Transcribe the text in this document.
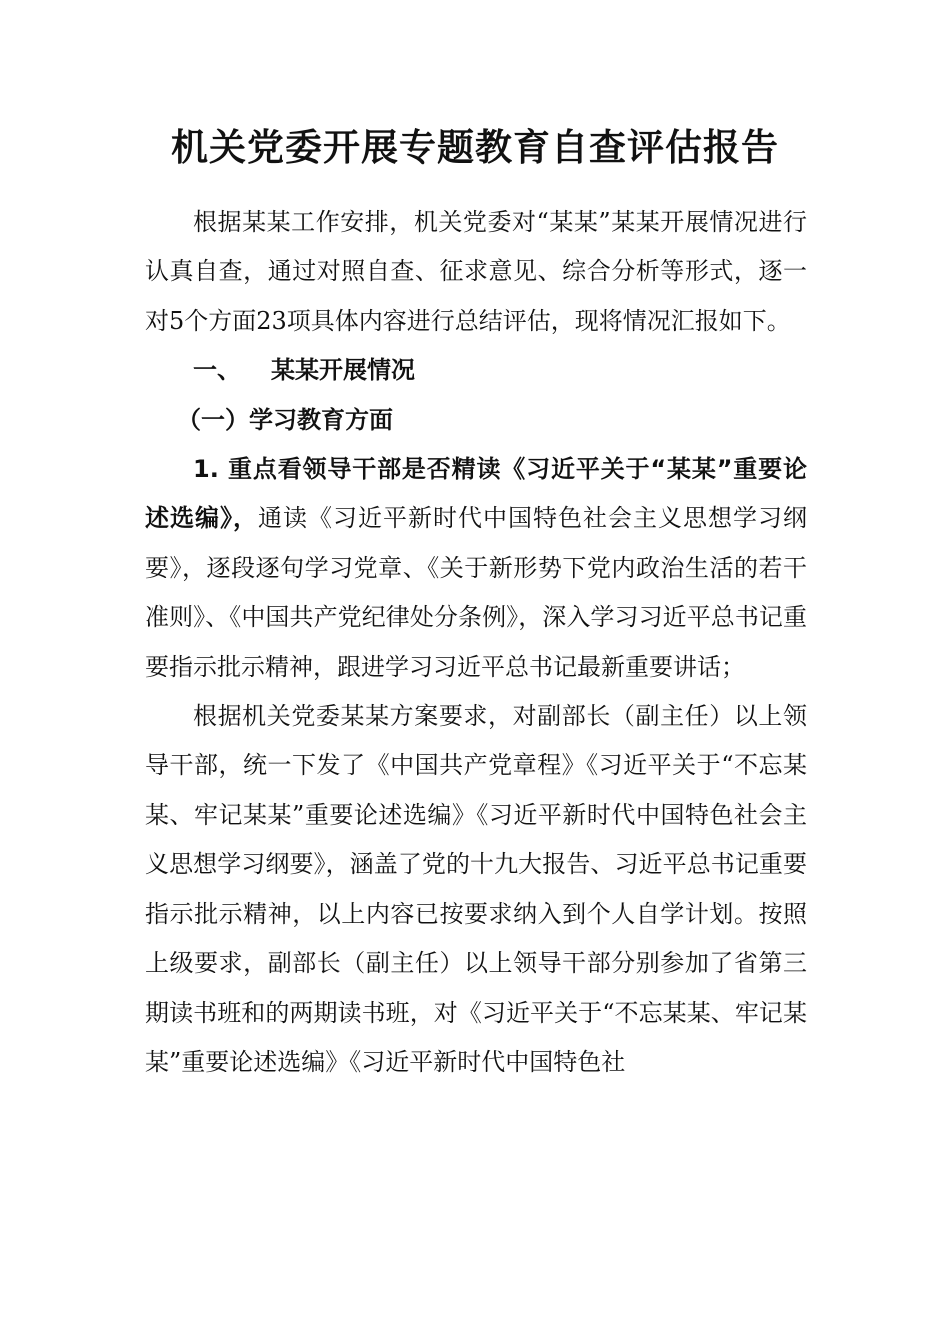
机关党委开展专题教育自查评估报告

根据某某工作安排，机关党委对“某某”某某开展情况进行认真自查，通过对照自查、征求意见、综合分析等形式，逐一对5个方面23项具体内容进行总结评估，现将情况汇报如下。

一、 某某开展情况

（一）学习教育方面

1. 重点看领导干部是否精读《习近平关于“某某”重要论述选编》，通读《习近平新时代中国特色社会主义思想学习纲要》，逐段逐句学习党章、《关于新形势下党内政治生活的若干准则》、《中国共产党纪律处分条例》，深入学习习近平总书记重要指示批示精神，跟进学习习近平总书记最新重要讲话；

根据机关党委某某方案要求，对副部长（副主任）以上领导干部，统一下发了《中国共产党章程》《习近平关于“不忘某某、牢记某某”重要论述选编》《习近平新时代中国特色社会主义思想学习纲要》，涵盖了党的十九大报告、习近平总书记重要指示批示精神，以上内容已按要求纳入到个人自学计划。按照上级要求，副部长（副主任）以上领导干部分别参加了省第三期读书班和的两期读书班，对《习近平关于“不忘某某、牢记某某”重要论述选编》《习近平新时代中国特色社
